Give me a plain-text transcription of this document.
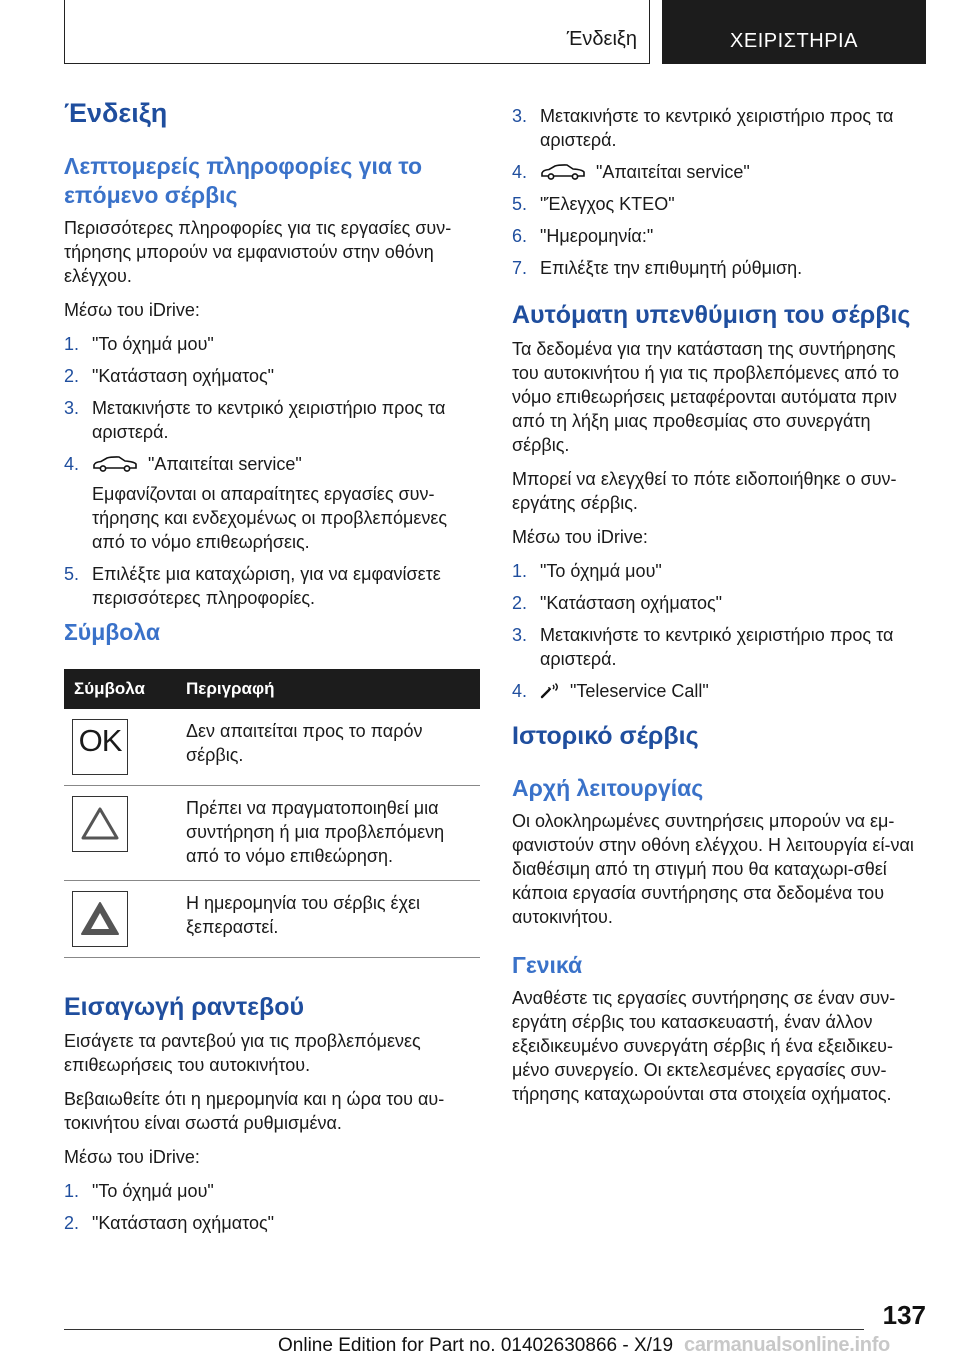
Ένδειξη	ΧΕΙΡΙΣΤΗΡΙΑ
Ένδειξη
Λεπτομερείς πληροφορίες για το επόμενο σέρβις

Περισσότερες πληροφορίες για τις εργασίες συν-τήρησης μπορούν να εμφανιστούν στην οθόνη ελέγχου.

Μέσω του iDrive:

1. "Το όχημά μου"
2. "Κατάσταση οχήματος"
3. Μετακινήστε το κεντρικό χειριστήριο προς τα αριστερά.
4.	"Απαιτείται service"
Εμφανίζονται οι απαραίτητες εργασίες συν-τήρησης και ενδεχομένως οι προβλεπόμενες από το νόμο επιθεωρήσεις.
5. Επιλέξτε μια καταχώριση, για να εμφανίσετε περισσότερες πληροφορίες.
Σύμβολα
Σύμβολα	Περιγραφή

OK	Δεν απαιτείται προς το παρόν σέρβις.

	Πρέπει να πραγματοποιηθεί μια συντήρηση ή μια προβλεπόμενη από το νόμο επιθεώρηση.

	Η ημερομηνία του σέρβις έχει ξεπεραστεί.
Εισαγωγή ραντεβού

Εισάγετε τα ραντεβού για τις προβλεπόμενες επιθεωρήσεις του αυτοκινήτου.

Βεβαιωθείτε ότι η ημερομηνία και η ώρα του αυ-τοκινήτου είναι σωστά ρυθμισμένα.

Μέσω του iDrive:

1. "Το όχημά μου"
2. "Κατάσταση οχήματος"
3. Μετακινήστε το κεντρικό χειριστήριο προς τα αριστερά.
4.	"Απαιτείται service"
5. "Έλεγχος ΚΤΕΟ"
6. "Ημερομηνία:"
7. Επιλέξτε την επιθυμητή ρύθμιση.
Αυτόματη υπενθύμιση του σέρβις

Τα δεδομένα για την κατάσταση της συντήρησης του αυτοκινήτου ή για τις προβλεπόμενες από το νόμο επιθεωρήσεις μεταφέρονται αυτόματα πριν από τη λήξη μιας προθεσμίας στο συνεργάτη σέρβις.

Μπορεί να ελεγχθεί το πότε ειδοποιήθηκε ο συν-εργάτης σέρβις.

Μέσω του iDrive:

1. "Το όχημά μου"
2. "Κατάσταση οχήματος"
3. Μετακινήστε το κεντρικό χειριστήριο προς τα αριστερά.
4. "Teleservice Call"
Ιστορικό σέρβις
Αρχή λειτουργίας

Οι ολοκληρωμένες συντηρήσεις μπορούν να εμ-φανιστούν στην οθόνη ελέγχου. Η λειτουργία εί-ναι διαθέσιμη από τη στιγμή που θα καταχωρι-σθεί κάποια εργασία συντήρησης στα δεδομένα του αυτοκινήτου.

Γενικά

Αναθέστε τις εργασίες συντήρησης σε έναν συν-εργάτη σέρβις του κατασκευαστή, έναν άλλον εξειδικευμένο συνεργάτη σέρβις ή ένα εξειδικευ-μένο συνεργείο. Οι εκτελεσμένες εργασίες συν-τήρησης καταχωρούνται στα στοιχεία οχήματος.

137
Online Edition for Part no. 01402630866 - X/19 carmanualsonline.info
